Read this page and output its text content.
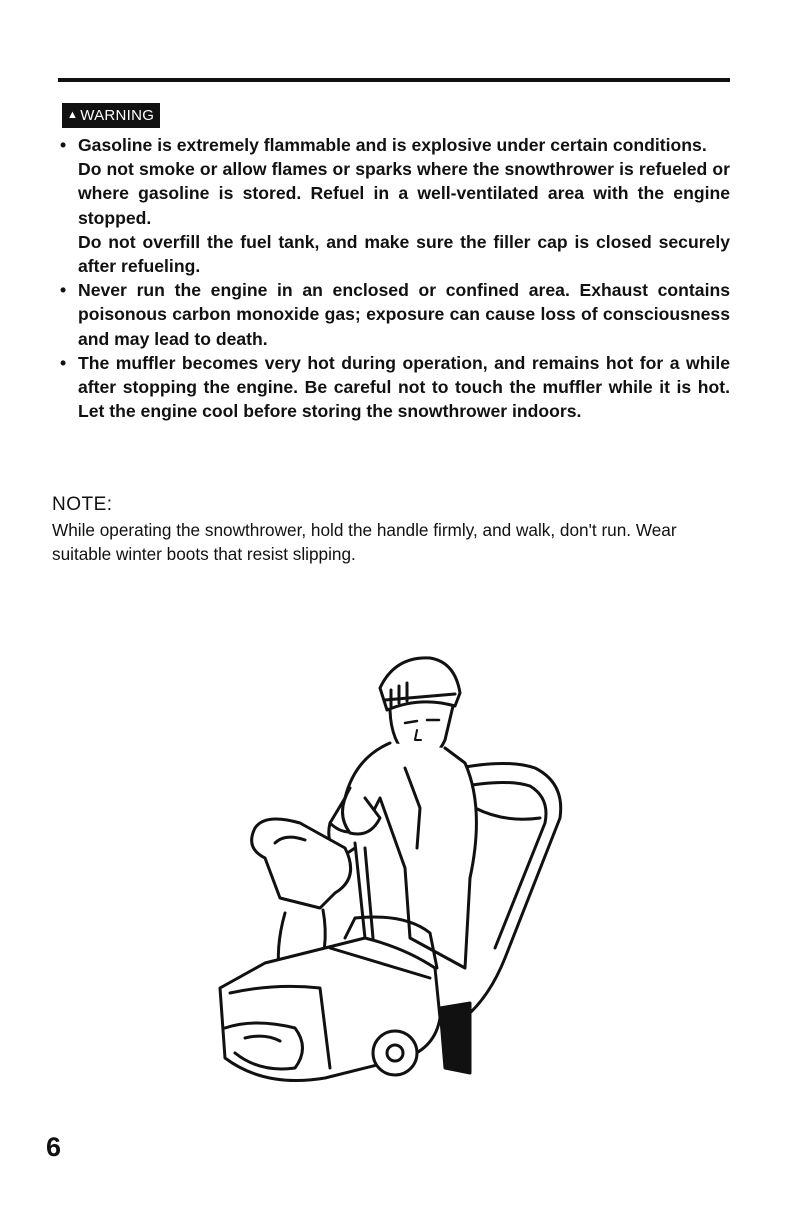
▲ WARNING

• Gasoline is extremely flammable and is explosive under certain conditions.

Do not smoke or allow flames or sparks where the snowthrower is refueled or where gasoline is stored. Refuel in a well-ventilated area with the engine stopped.

Do not overfill the fuel tank, and make sure the filler cap is closed securely after refueling.

• Never run the engine in an enclosed or confined area. Exhaust contains poisonous carbon monoxide gas; exposure can cause loss of consciousness and may lead to death.

• The muffler becomes very hot during operation, and remains hot for a while after stopping the engine. Be careful not to touch the muffler while it is hot. Let the engine cool before storing the snowthrower indoors.

NOTE:

While operating the snowthrower, hold the handle firmly, and walk, don't run. Wear suitable winter boots that resist slipping.

6
